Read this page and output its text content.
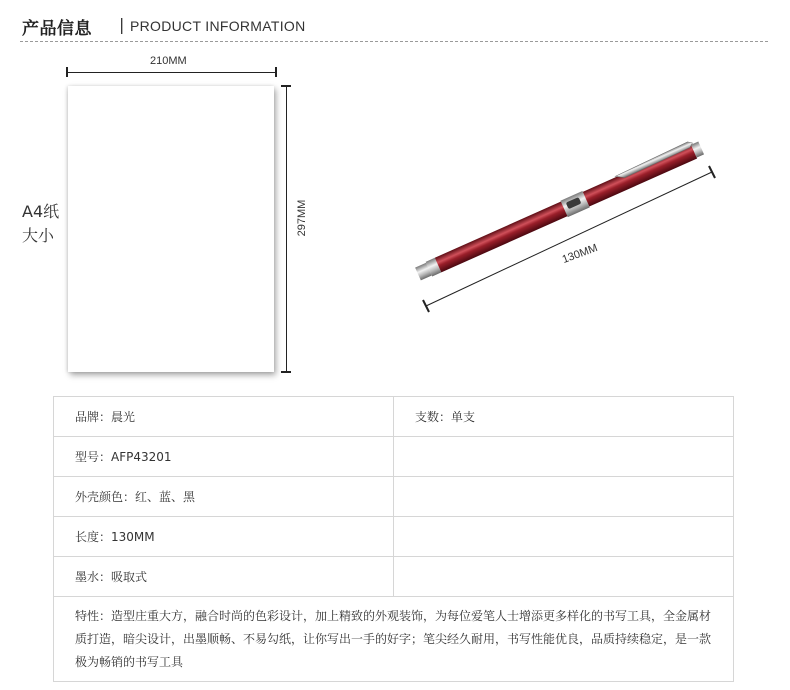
产品信息 | PRODUCT INFORMATION
210MM
297MM
A4纸
大小
130MM
品牌：晨光	支数：单支
型号：AFP43201	
外壳颜色：红、蓝、黑	
长度：130MM	
墨水：吸取式	
特性：造型庄重大方，融合时尚的色彩设计，加上精致的外观装饰，为每位爱笔人士增添更多样化的书写工具，全金属材质打造，暗尖设计，出墨顺畅、不易勾纸，让你写出一手的好字；笔尖经久耐用，书写性能优良，品质持续稳定，是一款极为畅销的书写工具	
